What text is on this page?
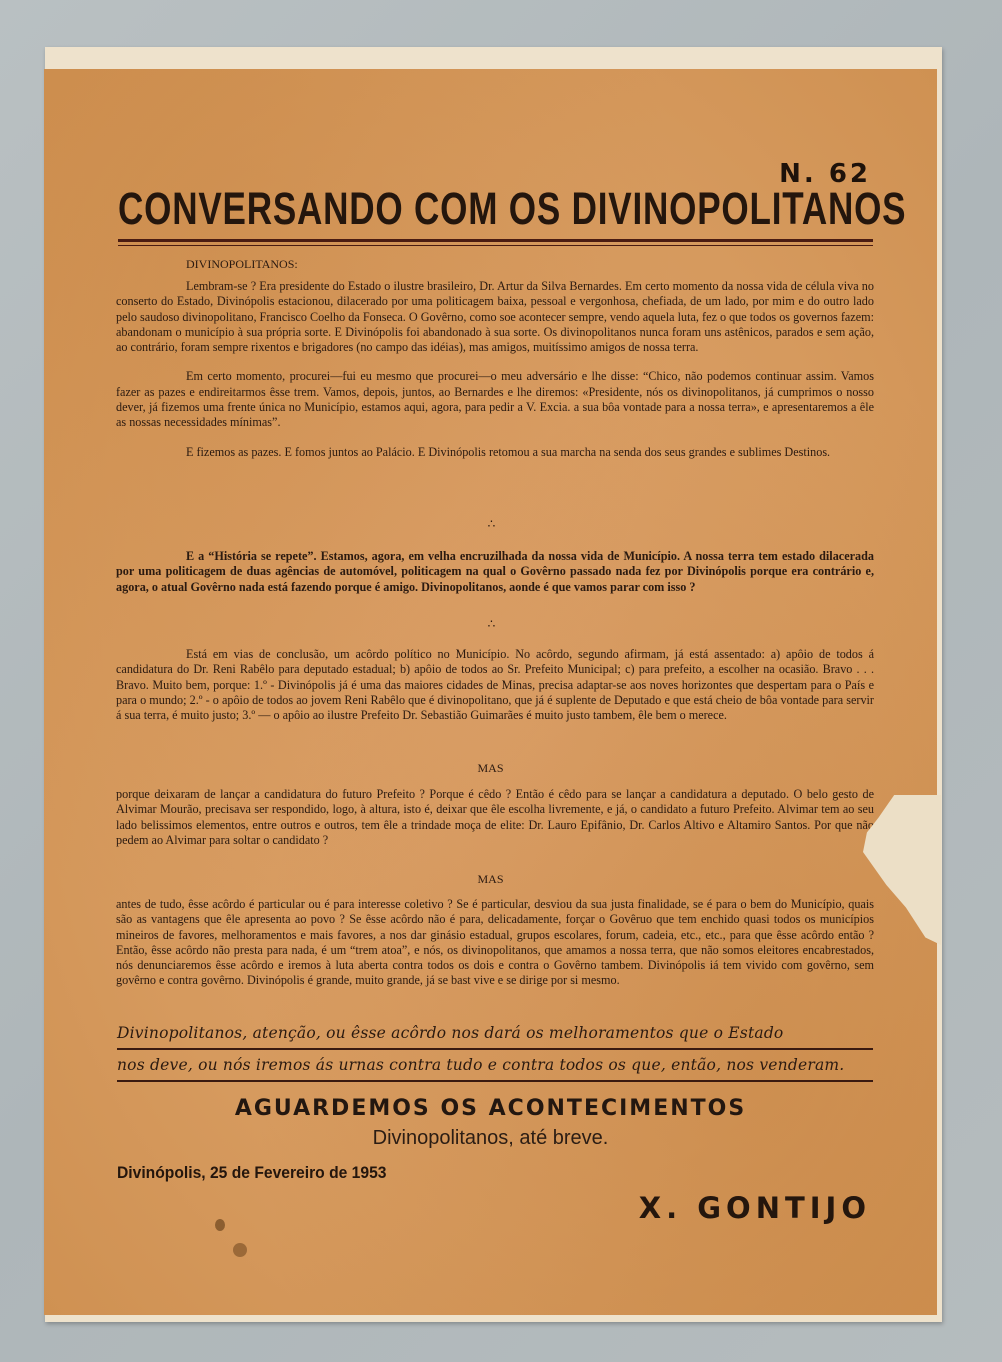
N. 62
CONVERSANDO COM OS DIVINOPOLITANOS
DIVINOPOLITANOS:

Lembram-se ? Era presidente do Estado o ilustre brasileiro, Dr. Artur da Silva Bernardes. Em certo momento da nossa vida de célula viva no conserto do Estado, Divinópolis estacionou, dilacerado por uma politicagem baixa, pessoal e vergonhosa, chefiada, de um lado, por mim e do outro lado pelo saudoso divinopolitano, Francisco Coelho da Fonseca. O Govêrno, como soe acontecer sempre, vendo aquela luta, fez o que todos os governos fazem: abandonam o município à sua própria sorte. E Divinópolis foi abandonado à sua sorte. Os divinopolitanos nunca foram uns astênicos, parados e sem ação, ao contrário, foram sempre rixentos e brigadores (no campo das idéias), mas amigos, muitíssimo amigos de nossa terra.

Em certo momento, procurei—fui eu mesmo que procurei—o meu adversário e lhe disse: “Chico, não podemos continuar assim. Vamos fazer as pazes e endireitarmos êsse trem. Vamos, depois, juntos, ao Bernardes e lhe diremos: «Presidente, nós os divinopolitanos, já cumprimos o nosso dever, já fizemos uma frente única no Município, estamos aqui, agora, para pedir a V. Excia. a sua bôa vontade para a nossa terra», e apresentaremos a êle as nossas necessidades mínimas”.

E fizemos as pazes. E fomos juntos ao Palácio. E Divinópolis retomou a sua marcha na senda dos seus grandes e sublimes Destinos.

∴

E a “História se repete”. Estamos, agora, em velha encruzilhada da nossa vida de Município. A nossa terra tem estado dilacerada por uma politicagem de duas agências de automóvel, politicagem na qual o Govêrno passado nada fez por Divinópolis porque era contrário e, agora, o atual Govêrno nada está fazendo porque é amigo. Divinopolitanos, aonde é que vamos parar com isso ?

∴

Está em vias de conclusão, um acôrdo político no Município. No acôrdo, segundo afirmam, já está assentado: a) apôio de todos á candidatura do Dr. Reni Rabêlo para deputado estadual; b) apôio de todos ao Sr. Prefeito Municipal; c) para prefeito, a escolher na ocasião. Bravo . . . Bravo. Muito bem, porque: 1.º - Divinópolis já é uma das maiores cidades de Minas, precisa adaptar-se aos noves horizontes que despertam para o País e para o mundo; 2.º - o apôio de todos ao jovem Reni Rabêlo que é divinopolitano, que já é suplente de Deputado e que está cheio de bôa vontade para servir á sua terra, é muito justo; 3.º — o apôio ao ilustre Prefeito Dr. Sebastião Guimarães é muito justo tambem, êle bem o merece.

MAS

porque deixaram de lançar a candidatura do futuro Prefeito ? Porque é cêdo ? Então é cêdo para se lançar a candidatura a deputado. O belo gesto de Alvimar Mourão, precisava ser respondido, logo, à altura, isto é, deixar que êle escolha livremente, e já, o candidato a futuro Prefeito. Alvimar tem ao seu lado belissimos elementos, entre outros e outros, tem êle a trindade moça de elite: Dr. Lauro Epifânio, Dr. Carlos Altivo e Altamiro Santos. Por que não pedem ao Alvimar para soltar o candidato ?

MAS

antes de tudo, êsse acôrdo é particular ou é para interesse coletivo ? Se é particular, desviou da sua justa finalidade, se é para o bem do Município, quais são as vantagens que êle apresenta ao povo ? Se êsse acôrdo não é para, delicadamente, forçar o Govêruo que tem enchido quasi todos os municípios mineiros de favores, melhoramentos e mais favores, a nos dar ginásio estadual, grupos escolares, forum, cadeia, etc., etc., para que êsse acôrdo então ? Então, êsse acôrdo não presta para nada, é um “trem atoa”, e nós, os divinopolitanos, que amamos a nossa terra, que não somos eleitores encabrestados, nós denunciaremos êsse acôrdo e iremos à luta aberta contra todos os dois e contra o Govêrno tambem. Divinópolis iá tem vivido com govêrno, sem govêrno e contra govêrno. Divinópolis é grande, muito grande, já se bast vive e se dirige por si mesmo.

Divinopolitanos, atenção, ou êsse acôrdo nos dará os melhoramentos que o Estado
nos deve, ou nós iremos ás urnas contra tudo e contra todos os que, então, nos venderam.
AGUARDEMOS OS ACONTECIMENTOS
Divinopolitanos, até breve.
Divinópolis, 25 de Fevereiro de 1953
X. GONTIJO
